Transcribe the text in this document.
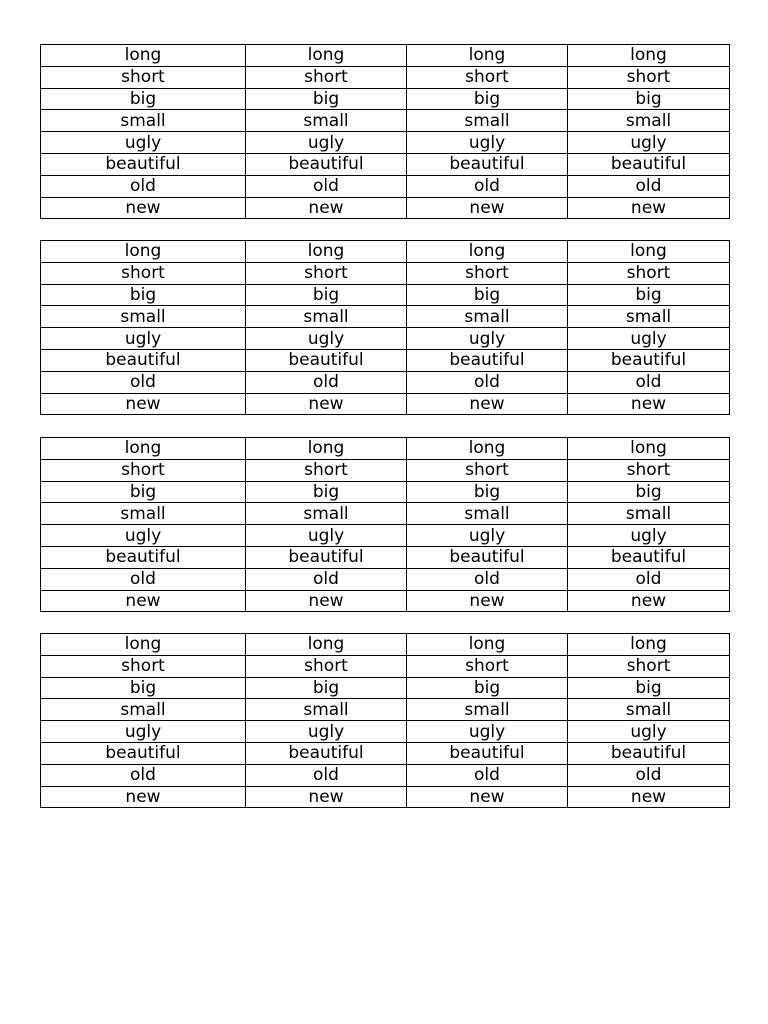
long	long	long	long
short	short	short	short
big	big	big	big
small	small	small	small
ugly	ugly	ugly	ugly
beautiful	beautiful	beautiful	beautiful
old	old	old	old
new	new	new	new
long	long	long	long
short	short	short	short
big	big	big	big
small	small	small	small
ugly	ugly	ugly	ugly
beautiful	beautiful	beautiful	beautiful
old	old	old	old
new	new	new	new
long	long	long	long
short	short	short	short
big	big	big	big
small	small	small	small
ugly	ugly	ugly	ugly
beautiful	beautiful	beautiful	beautiful
old	old	old	old
new	new	new	new
long	long	long	long
short	short	short	short
big	big	big	big
small	small	small	small
ugly	ugly	ugly	ugly
beautiful	beautiful	beautiful	beautiful
old	old	old	old
new	new	new	new
